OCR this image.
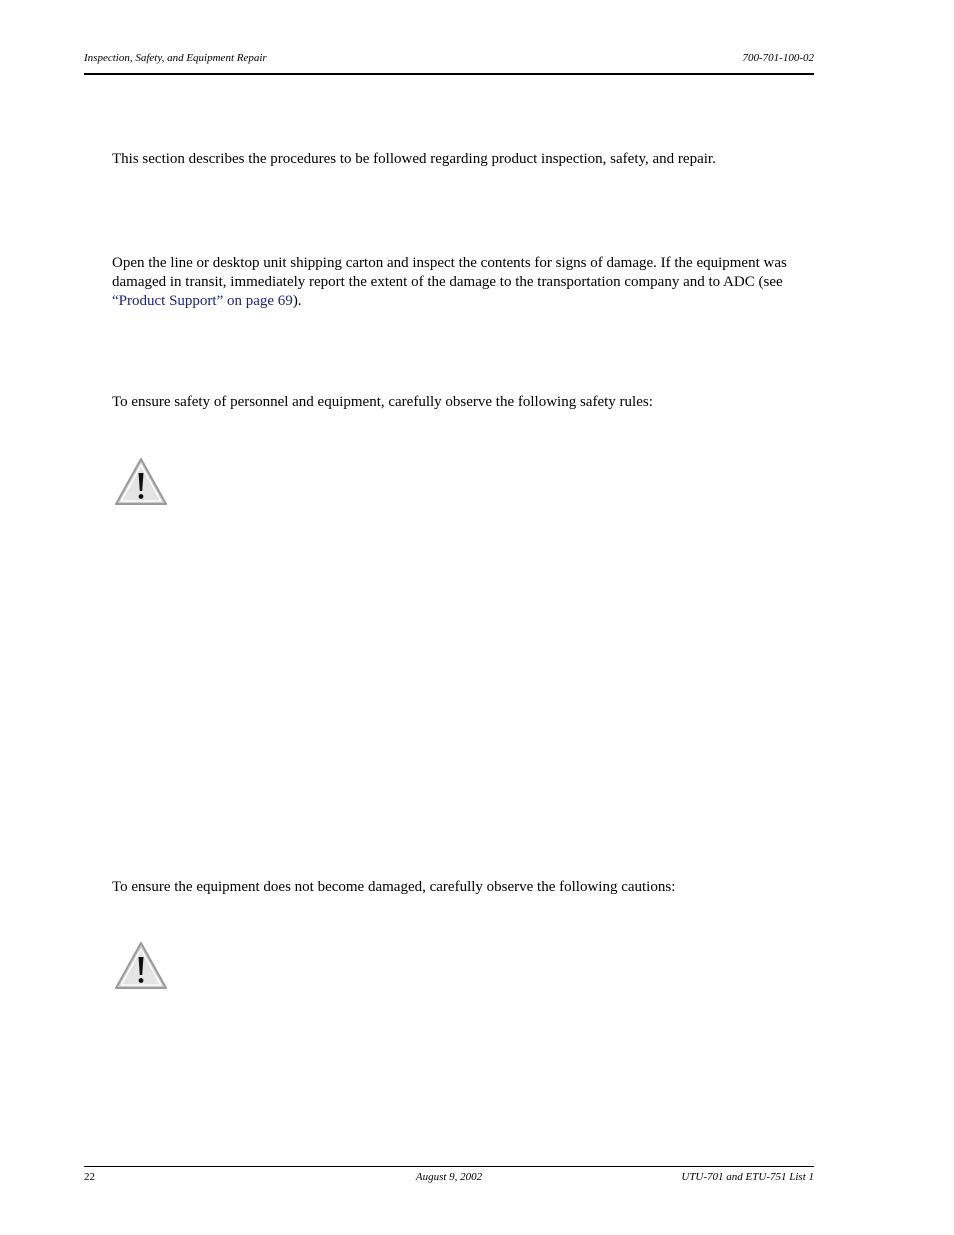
Inspection, Safety, and Equipment Repair	700-701-100-02

This section describes the procedures to be followed regarding product inspection, safety, and repair.

Open the line or desktop unit shipping carton and inspect the contents for signs of damage. If the equipment was damaged in transit, immediately report the extent of the damage to the transportation company and to ADC (see “Product Support” on page 69).

To ensure safety of personnel and equipment, carefully observe the following safety rules:

To ensure the equipment does not become damaged, carefully observe the following cautions:

22	August 9, 2002	UTU-701 and ETU-751 List 1
